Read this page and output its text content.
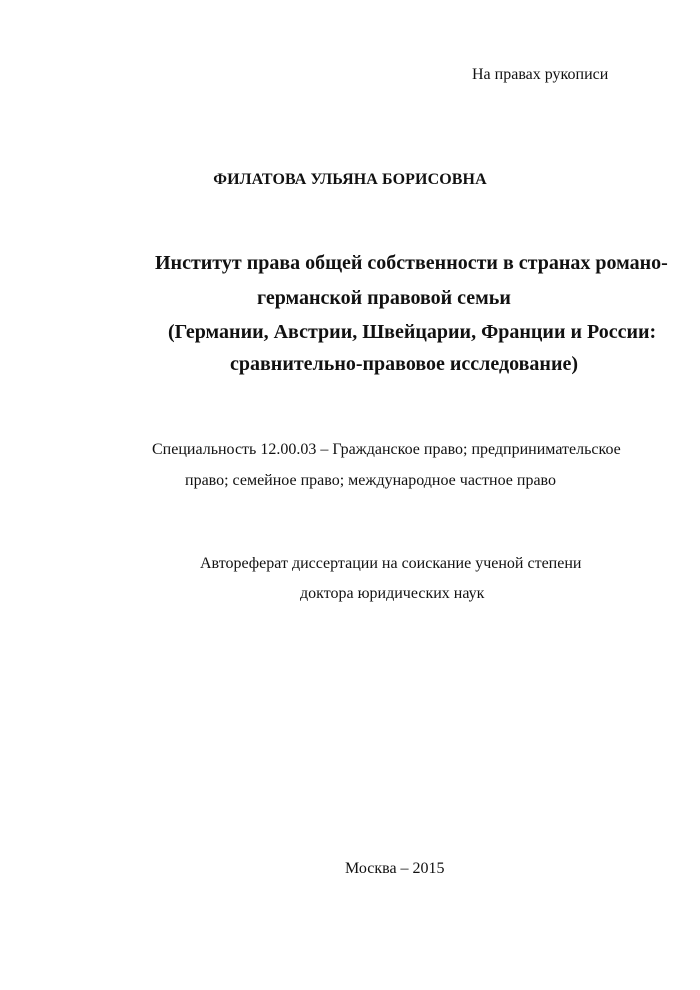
На правах рукописи
ФИЛАТОВА УЛЬЯНА БОРИСОВНА
Институт права общей собственности в странах романо-
германской правовой семьи
(Германии, Австрии, Швейцарии, Франции и России:
сравнительно-правовое исследование)
Специальность 12.00.03 – Гражданское право; предпринимательское
право; семейное право; международное частное право
Автореферат диссертации на соискание ученой степени
доктора юридических наук
Москва – 2015
